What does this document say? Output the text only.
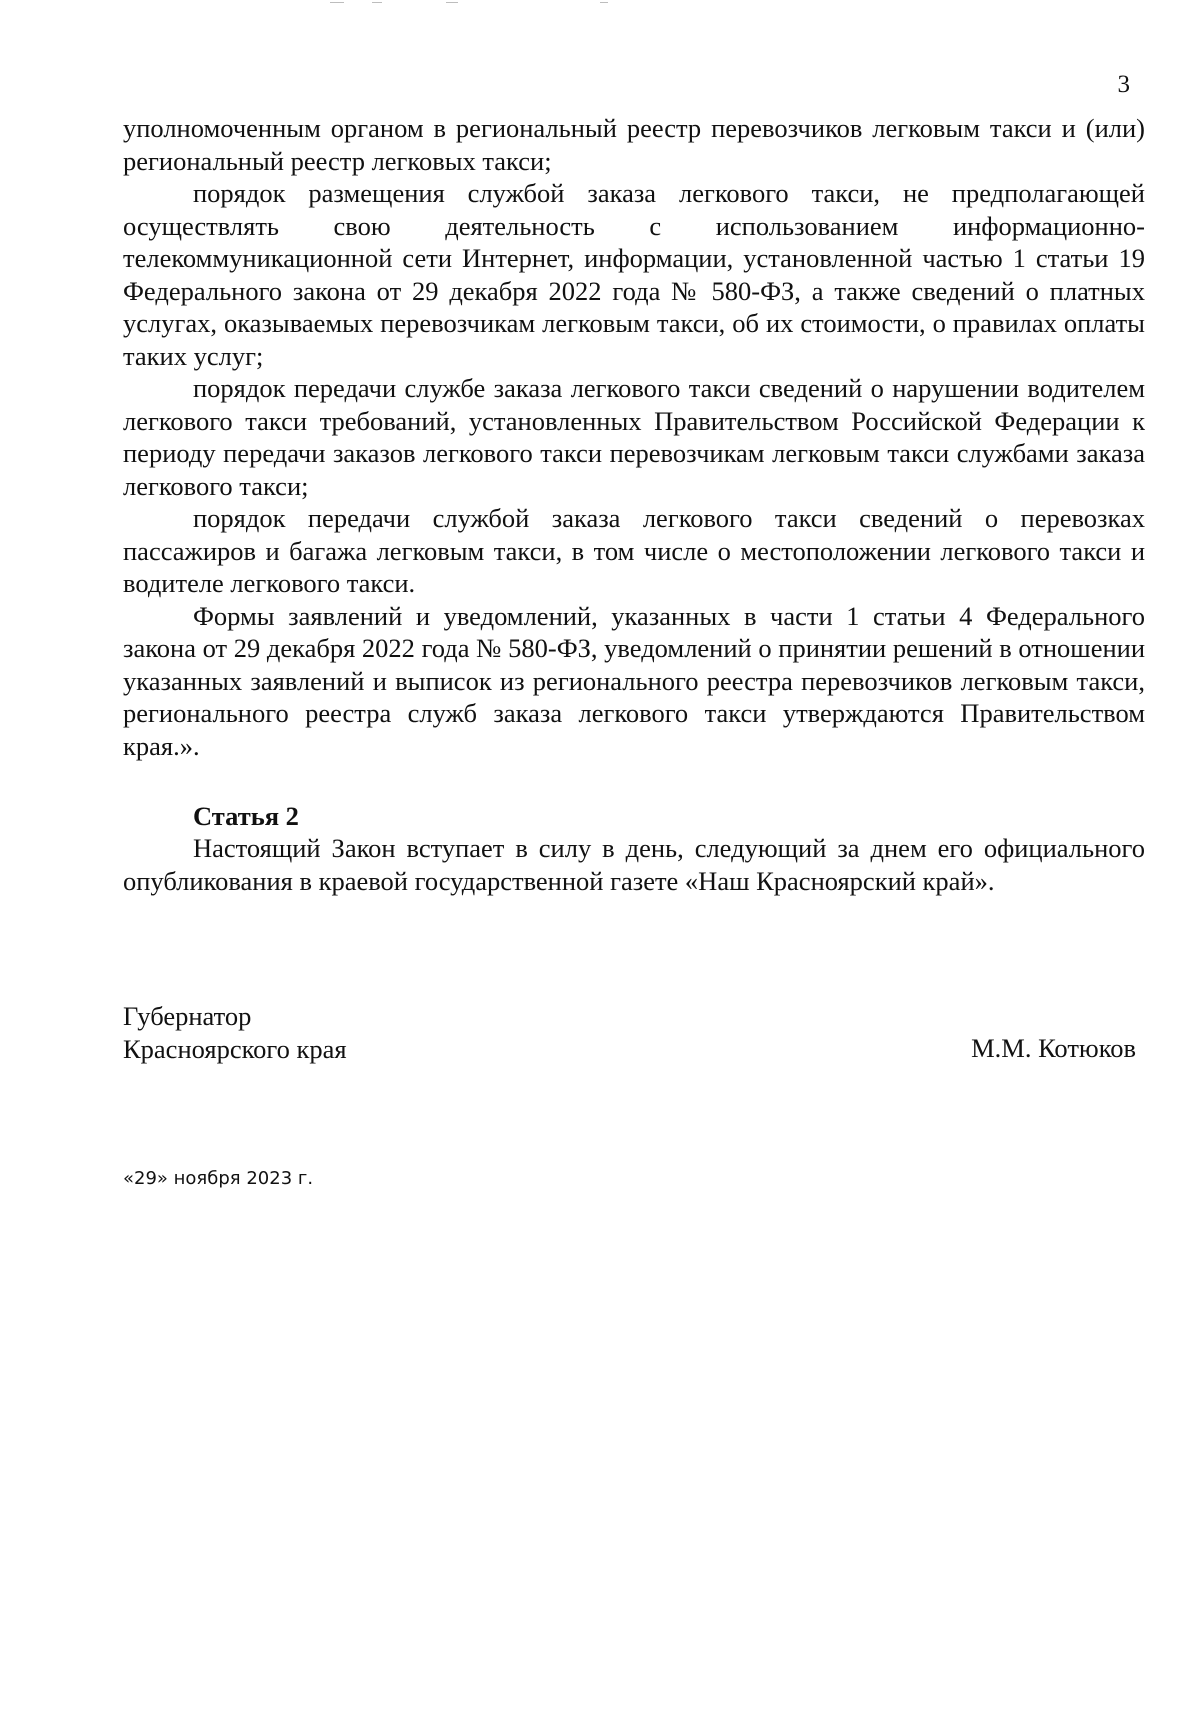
3

уполномоченным органом в региональный реестр перевозчиков легковым такси и (или) региональный реестр легковых такси;

порядок размещения службой заказа легкового такси, не предполагающей осуществлять свою деятельность с использованием информационно-телекоммуникационной сети Интернет, информации, установленной частью 1 статьи 19 Федерального закона от 29 декабря 2022 года № 580-ФЗ, а также сведений о платных услугах, оказываемых перевозчикам легковым такси, об их стоимости, о правилах оплаты таких услуг;

порядок передачи службе заказа легкового такси сведений о нарушении водителем легкового такси требований, установленных Правительством Российской Федерации к периоду передачи заказов легкового такси перевозчикам легковым такси службами заказа легкового такси;

порядок передачи службой заказа легкового такси сведений о перевозках пассажиров и багажа легковым такси, в том числе о местоположении легкового такси и водителе легкового такси.

Формы заявлений и уведомлений, указанных в части 1 статьи 4 Федерального закона от 29 декабря 2022 года № 580-ФЗ, уведомлений о принятии решений в отношении указанных заявлений и выписок из регионального реестра перевозчиков легковым такси, регионального реестра служб заказа легкового такси утверждаются Правительством края.».

Статья 2

Настоящий Закон вступает в силу в день, следующий за днем его официального опубликования в краевой государственной газете «Наш Красноярский край».

Губернатор
Красноярского края	М.М. Котюков
«29» ноября 2023 г.
